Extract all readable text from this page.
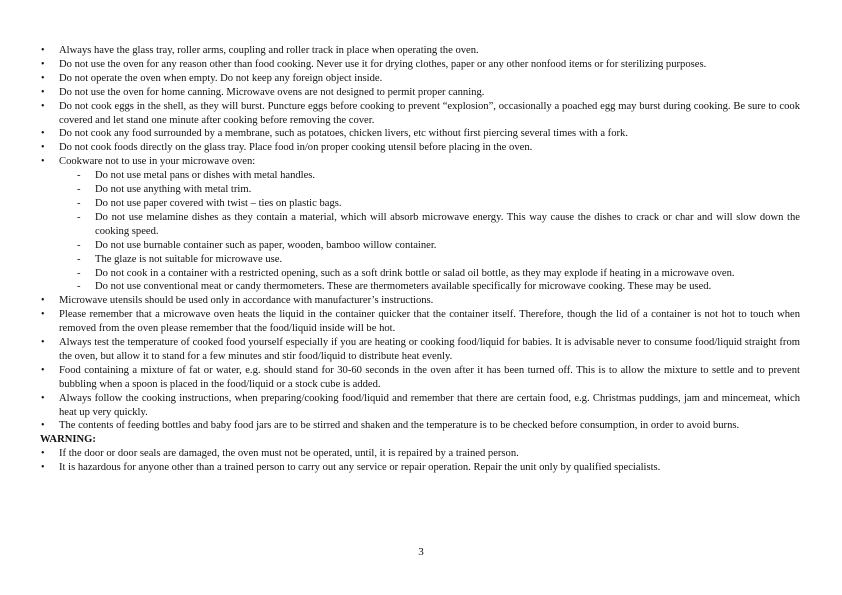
• Always have the glass tray, roller arms, coupling and roller track in place when operating the oven.
• Do not use the oven for any reason other than food cooking. Never use it for drying clothes, paper or any other nonfood items or for sterilizing purposes.
• Do not operate the oven when empty. Do not keep any foreign object inside.
• Do not use the oven for home canning. Microwave ovens are not designed to permit proper canning.
• Do not cook eggs in the shell, as they will burst. Puncture eggs before cooking to prevent “explosion”, occasionally a poached egg may burst during cooking. Be sure to cook covered and let stand one minute after cooking before removing the cover.
• Do not cook any food surrounded by a membrane, such as potatoes, chicken livers, etc without first piercing several times with a fork.
• Do not cook foods directly on the glass tray. Place food in/on proper cooking utensil before placing in the oven.
• Cookware not to use in your microwave oven:
- Do not use metal pans or dishes with metal handles.
- Do not use anything with metal trim.
- Do not use paper covered with twist – ties on plastic bags.
- Do not use melamine dishes as they contain a material, which will absorb microwave energy. This way cause the dishes to crack or char and will slow down the cooking speed.
- Do not use burnable container such as paper, wooden, bamboo willow container.
- The glaze is not suitable for microwave use.
- Do not cook in a container with a restricted opening, such as a soft drink bottle or salad oil bottle, as they may explode if heating in a microwave oven.
- Do not use conventional meat or candy thermometers. These are thermometers available specifically for microwave cooking. These may be used.
• Microwave utensils should be used only in accordance with manufacturer’s instructions.
• Please remember that a microwave oven heats the liquid in the container quicker that the container itself. Therefore, though the lid of a container is not hot to touch when removed from the oven please remember that the food/liquid inside will be hot.
• Always test the temperature of cooked food yourself especially if you are heating or cooking food/liquid for babies. It is advisable never to consume food/liquid straight from the oven, but allow it to stand for a few minutes and stir food/liquid to distribute heat evenly.
• Food containing a mixture of fat or water, e.g. should stand for 30-60 seconds in the oven after it has been turned off. This is to allow the mixture to settle and to prevent bubbling when a spoon is placed in the food/liquid or a stock cube is added.
• Always follow the cooking instructions, when preparing/cooking food/liquid and remember that there are certain food, e.g. Christmas puddings, jam and mincemeat, which heat up very quickly.
• The contents of feeding bottles and baby food jars are to be stirred and shaken and the temperature is to be checked before consumption, in order to avoid burns.
WARNING:
• If the door or door seals are damaged, the oven must not be operated, until, it is repaired by a trained person.
• It is hazardous for anyone other than a trained person to carry out any service or repair operation. Repair the unit only by qualified specialists.
3
